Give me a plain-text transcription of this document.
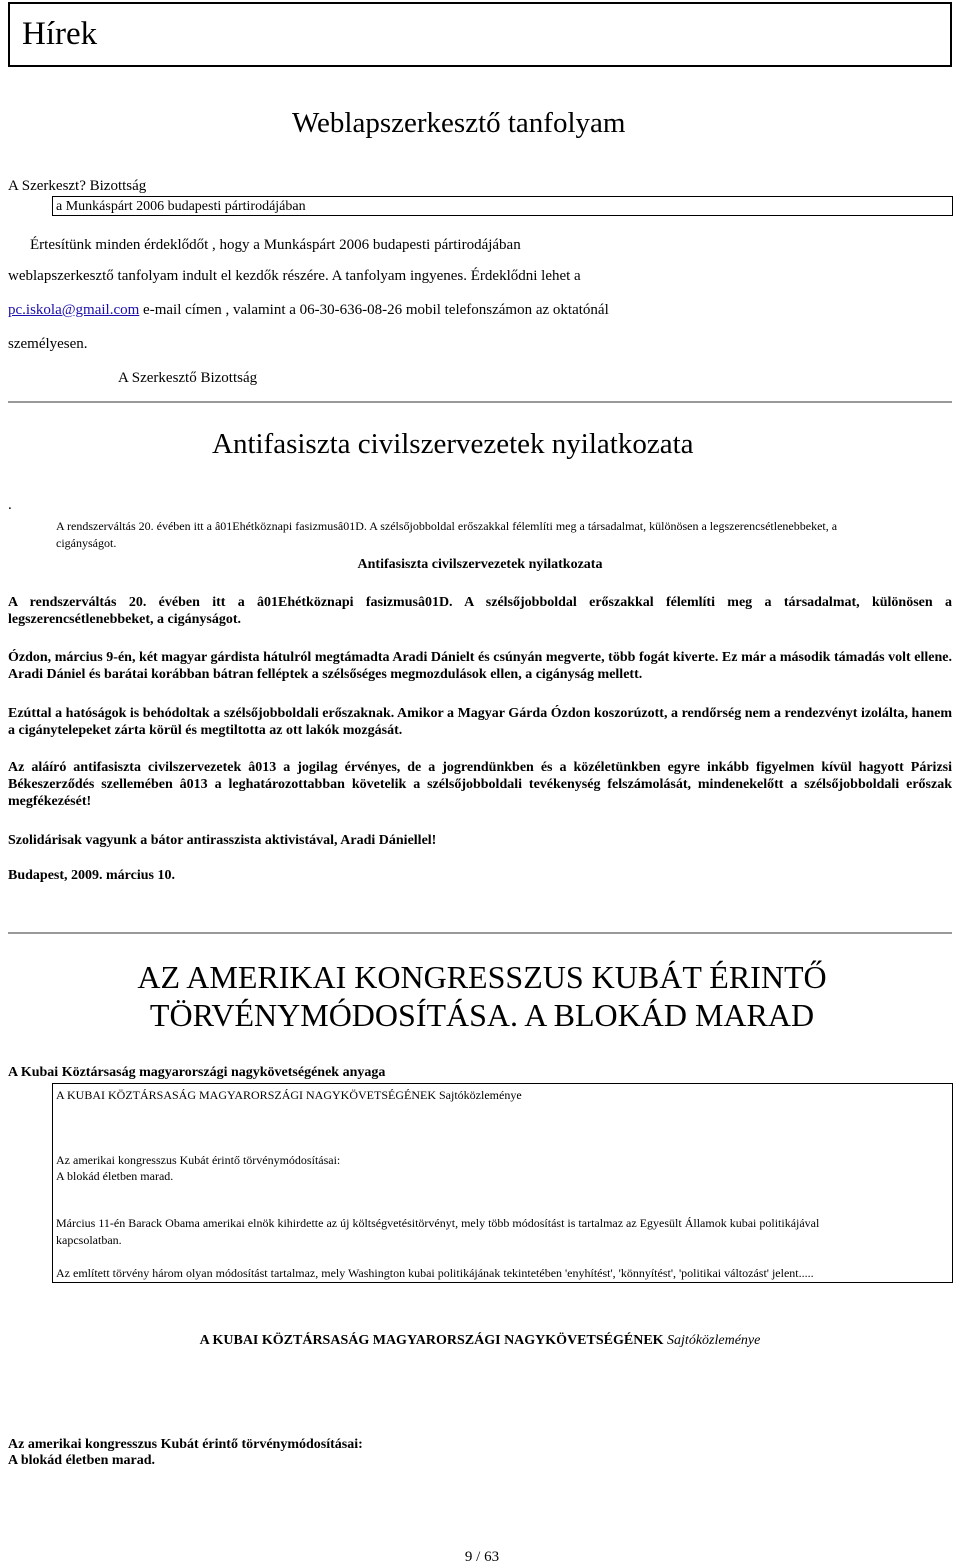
Hírek
Weblapszerkesztő tanfolyam
A Szerkeszt? Bizottság
a Munkáspárt 2006 budapesti pártirodájában
Értesítünk minden érdeklődőt , hogy a Munkáspárt 2006 budapesti pártirodájában
weblapszerkesztő tanfolyam indult el kezdők részére. A tanfolyam ingyenes. Érdeklődni lehet a
pc.iskola@gmail.com e-mail címen , valamint a 06-30-636-08-26 mobil telefonszámon az oktatónál
személyesen.
A Szerkesztő Bizottság
Antifasiszta civilszervezetek nyilatkozata
.
A rendszerváltás 20. évében itt a â01Ehétköznapi fasizmusâ01D. A szélsőjobboldal erőszakkal félemlíti meg a társadalmat, különösen a legszerencsétlenebbeket, a
cigányságot.
Antifasiszta civilszervezetek nyilatkozata
A rendszerváltás 20. évében itt a â01Ehétköznapi fasizmusâ01D. A szélsőjobboldal erőszakkal félemlíti meg a társadalmat, különösen a legszerencsétlenebbeket, a cigányságot.
Ózdon, március 9-én, két magyar gárdista hátulról megtámadta Aradi Dánielt és csúnyán megverte, több fogát kiverte. Ez már a második támadás volt ellene. Aradi Dániel és barátai korábban bátran felléptek a szélsőséges megmozdulások ellen, a cigányság mellett.
Ezúttal a hatóságok is behódoltak a szélsőjobboldali erőszaknak. Amikor a Magyar Gárda Ózdon koszorúzott, a rendőrség nem a rendezvényt izolálta, hanem a cigánytelepeket zárta körül és megtiltotta az ott lakók mozgását.
Az aláíró antifasiszta civilszervezetek â013 a jogilag érvényes, de a jogrendünkben és a közéletünkben egyre inkább figyelmen kívül hagyott Párizsi Békeszerződés szellemében â013 a leghatározottabban követelik a szélsőjobboldali tevékenység felszámolását, mindenekelőtt a szélsőjobboldali erőszak megfékezését!
Szolidárisak vagyunk a bátor antirasszista aktivistával, Aradi Dániellel!
Budapest, 2009. március 10.
AZ AMERIKAI KONGRESSZUS KUBÁT ÉRINTŐ
TÖRVÉNYMÓDOSÍTÁSA. A BLOKÁD MARAD
A Kubai Köztársaság magyarországi nagykövetségének anyaga
A KUBAI KÖZTÁRSASÁG MAGYARORSZÁGI NAGYKÖVETSÉGÉNEK Sajtóközleménye
Az amerikai kongresszus Kubát érintő törvénymódosításai:
A blokád életben marad.
Március 11-én Barack Obama amerikai elnök kihirdette az új költségvetésitörvényt, mely több módosítást is tartalmaz az Egyesült Államok kubai politikájával
kapcsolatban.
Az említett törvény három olyan módosítást tartalmaz, mely Washington kubai politikájának tekintetében 'enyhítést', 'könnyítést', 'politikai változást' jelent.....
A KUBAI KÖZTÁRSASÁG MAGYARORSZÁGI NAGYKÖVETSÉGÉNEK Sajtóközleménye
Az amerikai kongresszus Kubát érintő törvénymódosításai:
A blokád életben marad.
9 / 63
